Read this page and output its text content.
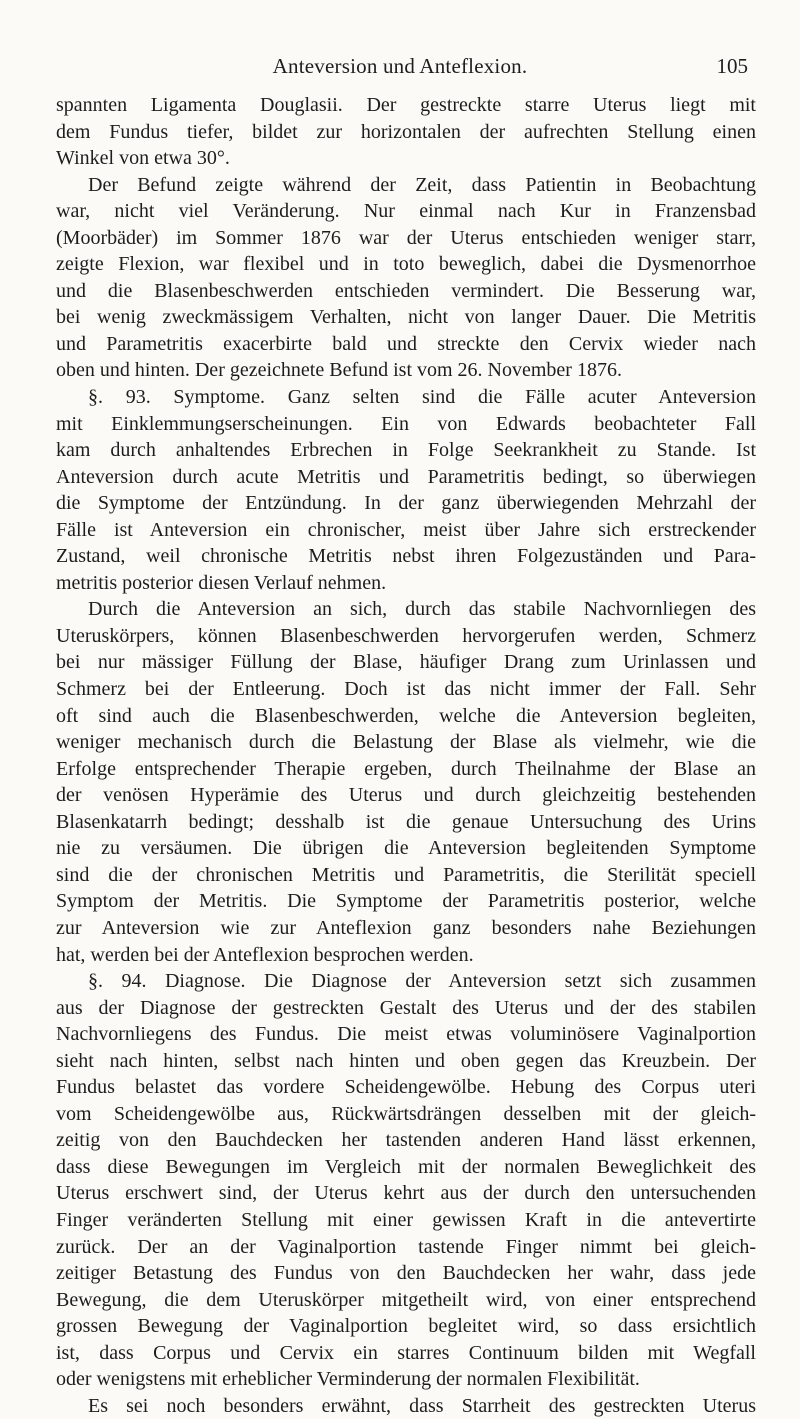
Anteversion und Anteflexion.	105
spannten Ligamenta Douglasii. Der gestreckte starre Uterus liegt mit
dem Fundus tiefer, bildet zur horizontalen der aufrechten Stellung einen
Winkel von etwa 30°.
Der Befund zeigte während der Zeit, dass Patientin in Beobachtung
war, nicht viel Veränderung. Nur einmal nach Kur in Franzensbad
(Moorbäder) im Sommer 1876 war der Uterus entschieden weniger starr,
zeigte Flexion, war flexibel und in toto beweglich, dabei die Dysmenorrhoe
und die Blasenbeschwerden entschieden vermindert. Die Besserung war,
bei wenig zweckmässigem Verhalten, nicht von langer Dauer. Die Metritis
und Parametritis exacerbirte bald und streckte den Cervix wieder nach
oben und hinten. Der gezeichnete Befund ist vom 26. November 1876.
§. 93. Symptome. Ganz selten sind die Fälle acuter Anteversion
mit Einklemmungserscheinungen. Ein von Edwards beobachteter Fall
kam durch anhaltendes Erbrechen in Folge Seekrankheit zu Stande. Ist
Anteversion durch acute Metritis und Parametritis bedingt, so überwiegen
die Symptome der Entzündung. In der ganz überwiegenden Mehrzahl der
Fälle ist Anteversion ein chronischer, meist über Jahre sich erstreckender
Zustand, weil chronische Metritis nebst ihren Folgezuständen und Para-
metritis posterior diesen Verlauf nehmen.
Durch die Anteversion an sich, durch das stabile Nachvornliegen des
Uteruskörpers, können Blasenbeschwerden hervorgerufen werden, Schmerz
bei nur mässiger Füllung der Blase, häufiger Drang zum Urinlassen und
Schmerz bei der Entleerung. Doch ist das nicht immer der Fall. Sehr
oft sind auch die Blasenbeschwerden, welche die Anteversion begleiten,
weniger mechanisch durch die Belastung der Blase als vielmehr, wie die
Erfolge entsprechender Therapie ergeben, durch Theilnahme der Blase an
der venösen Hyperämie des Uterus und durch gleichzeitig bestehenden
Blasenkatarrh bedingt; desshalb ist die genaue Untersuchung des Urins
nie zu versäumen. Die übrigen die Anteversion begleitenden Symptome
sind die der chronischen Metritis und Parametritis, die Sterilität speciell
Symptom der Metritis. Die Symptome der Parametritis posterior, welche
zur Anteversion wie zur Anteflexion ganz besonders nahe Beziehungen
hat, werden bei der Anteflexion besprochen werden.
§. 94. Diagnose. Die Diagnose der Anteversion setzt sich zusammen
aus der Diagnose der gestreckten Gestalt des Uterus und der des stabilen
Nachvornliegens des Fundus. Die meist etwas voluminösere Vaginalportion
sieht nach hinten, selbst nach hinten und oben gegen das Kreuzbein. Der
Fundus belastet das vordere Scheidengewölbe. Hebung des Corpus uteri
vom Scheidengewölbe aus, Rückwärtsdrängen desselben mit der gleich-
zeitig von den Bauchdecken her tastenden anderen Hand lässt erkennen,
dass diese Bewegungen im Vergleich mit der normalen Beweglichkeit des
Uterus erschwert sind, der Uterus kehrt aus der durch den untersuchenden
Finger veränderten Stellung mit einer gewissen Kraft in die antevertirte
zurück. Der an der Vaginalportion tastende Finger nimmt bei gleich-
zeitiger Betastung des Fundus von den Bauchdecken her wahr, dass jede
Bewegung, die dem Uteruskörper mitgetheilt wird, von einer entsprechend
grossen Bewegung der Vaginalportion begleitet wird, so dass ersichtlich
ist, dass Corpus und Cervix ein starres Continuum bilden mit Wegfall
oder wenigstens mit erheblicher Verminderung der normalen Flexibilität.
Es sei noch besonders erwähnt, dass Starrheit des gestreckten Uterus
